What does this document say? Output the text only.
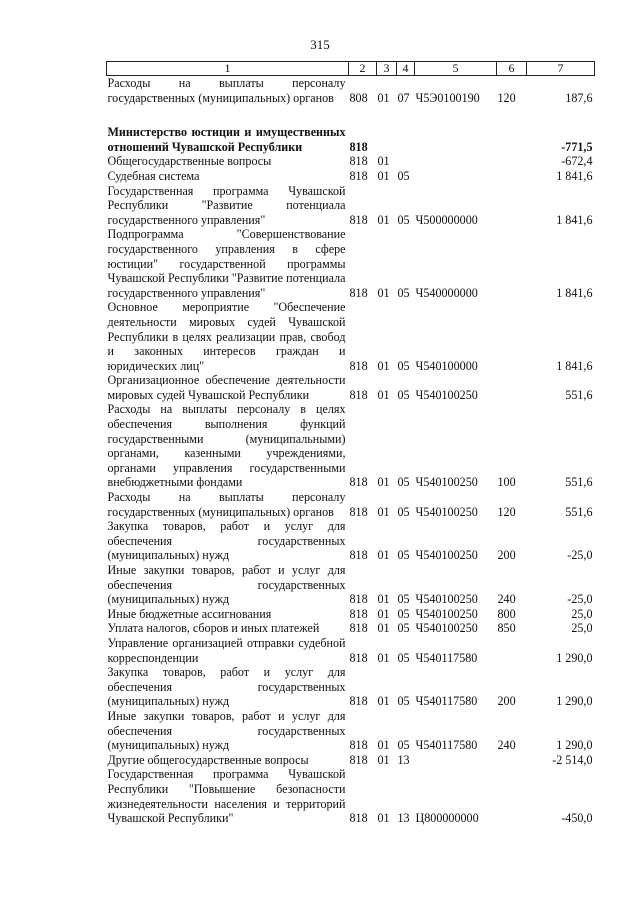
315
1	2	3	4	5	6	7
Расходы на выплаты персоналу государственных (муниципальных) органов	808	01	07	Ч5Э0100190	120	187,6

Министерство юстиции и имущественных отношений Чувашской Республики	818					-771,5
Общегосударственные вопросы	818	01				-672,4
Судебная система	818	01	05			1 841,6
Государственная программа Чувашской Республики "Развитие потенциала государственного управления"	818	01	05	Ч500000000		1 841,6
Подпрограмма "Совершенствование государственного управления в сфере юстиции" государственной программы Чувашской Республики "Развитие потенциала государственного управления"	818	01	05	Ч540000000		1 841,6
Основное мероприятие "Обеспечение деятельности мировых судей Чувашской Республики в целях реализации прав, свобод и законных интересов граждан и юридических лиц"	818	01	05	Ч540100000		1 841,6
Организационное обеспечение деятельности мировых судей Чувашской Республики	818	01	05	Ч540100250		551,6
Расходы на выплаты персоналу в целях обеспечения выполнения функций государственными (муниципальными) органами, казенными учреждениями, органами управления государственными внебюджетными фондами	818	01	05	Ч540100250	100	551,6
Расходы на выплаты персоналу государственных (муниципальных) органов	818	01	05	Ч540100250	120	551,6
Закупка товаров, работ и услуг для обеспечения государственных (муниципальных) нужд	818	01	05	Ч540100250	200	-25,0
Иные закупки товаров, работ и услуг для обеспечения государственных (муниципальных) нужд	818	01	05	Ч540100250	240	-25,0
Иные бюджетные ассигнования	818	01	05	Ч540100250	800	25,0
Уплата налогов, сборов и иных платежей	818	01	05	Ч540100250	850	25,0
Управление организацией отправки судебной корреспонденции	818	01	05	Ч540117580		1 290,0
Закупка товаров, работ и услуг для обеспечения государственных (муниципальных) нужд	818	01	05	Ч540117580	200	1 290,0
Иные закупки товаров, работ и услуг для обеспечения государственных (муниципальных) нужд	818	01	05	Ч540117580	240	1 290,0
Другие общегосударственные вопросы	818	01	13			-2 514,0
Государственная программа Чувашской Республики "Повышение безопасности жизнедеятельности населения и территорий Чувашской Республики"	818	01	13	Ц800000000		-450,0
